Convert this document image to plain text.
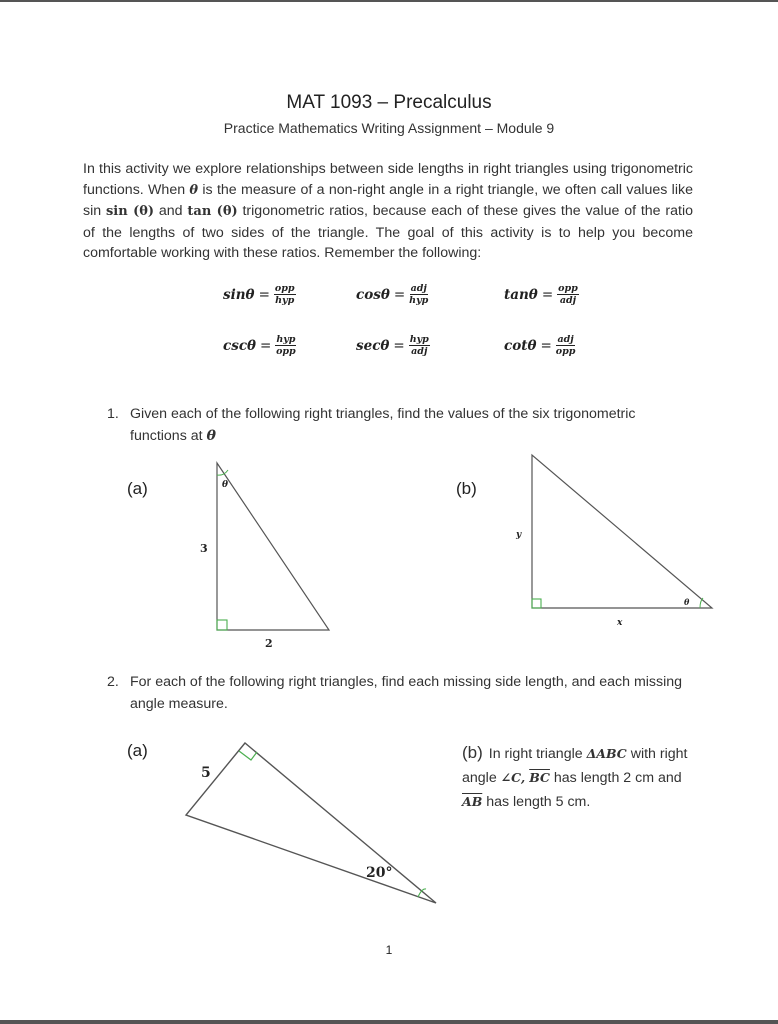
MAT 1093 – Precalculus
Practice Mathematics Writing Assignment – Module 9

In this activity we explore relationships between side lengths in right triangles using trigonometric functions. When θ is the measure of a non-right angle in a right triangle, we often call values like sin sin (θ) and tan (θ) trigonometric ratios, because each of these gives the value of the ratio of the lengths of two sides of the triangle. The goal of this activity is to help you become comfortable working with these ratios. Remember the following:

$\sin\theta = \frac{\text{opp}}{\text{hyp}}$	$\cos\theta = \frac{\text{adj}}{\text{hyp}}$	$\tan\theta = \frac{\text{opp}}{\text{adj}}$
$\csc\theta = \frac{\text{hyp}}{\text{opp}}$	$\sec\theta = \frac{\text{hyp}}{\text{adj}}$	$\cot\theta = \frac{\text{adj}}{\text{opp}}$
1. Given each of the following right triangles, find the values of the six trigonometric functions at θ
(a)	(b)
2. For each of the following right triangles, find each missing side length, and each missing angle measure.
(a)	(b) In right triangle ΔABC with right angle ∠C, $\overline{BC}$ has length 2 cm and $\overline{AB}$ has length 5 cm.
θ
3
2
θ
y
x
5
20°
1
